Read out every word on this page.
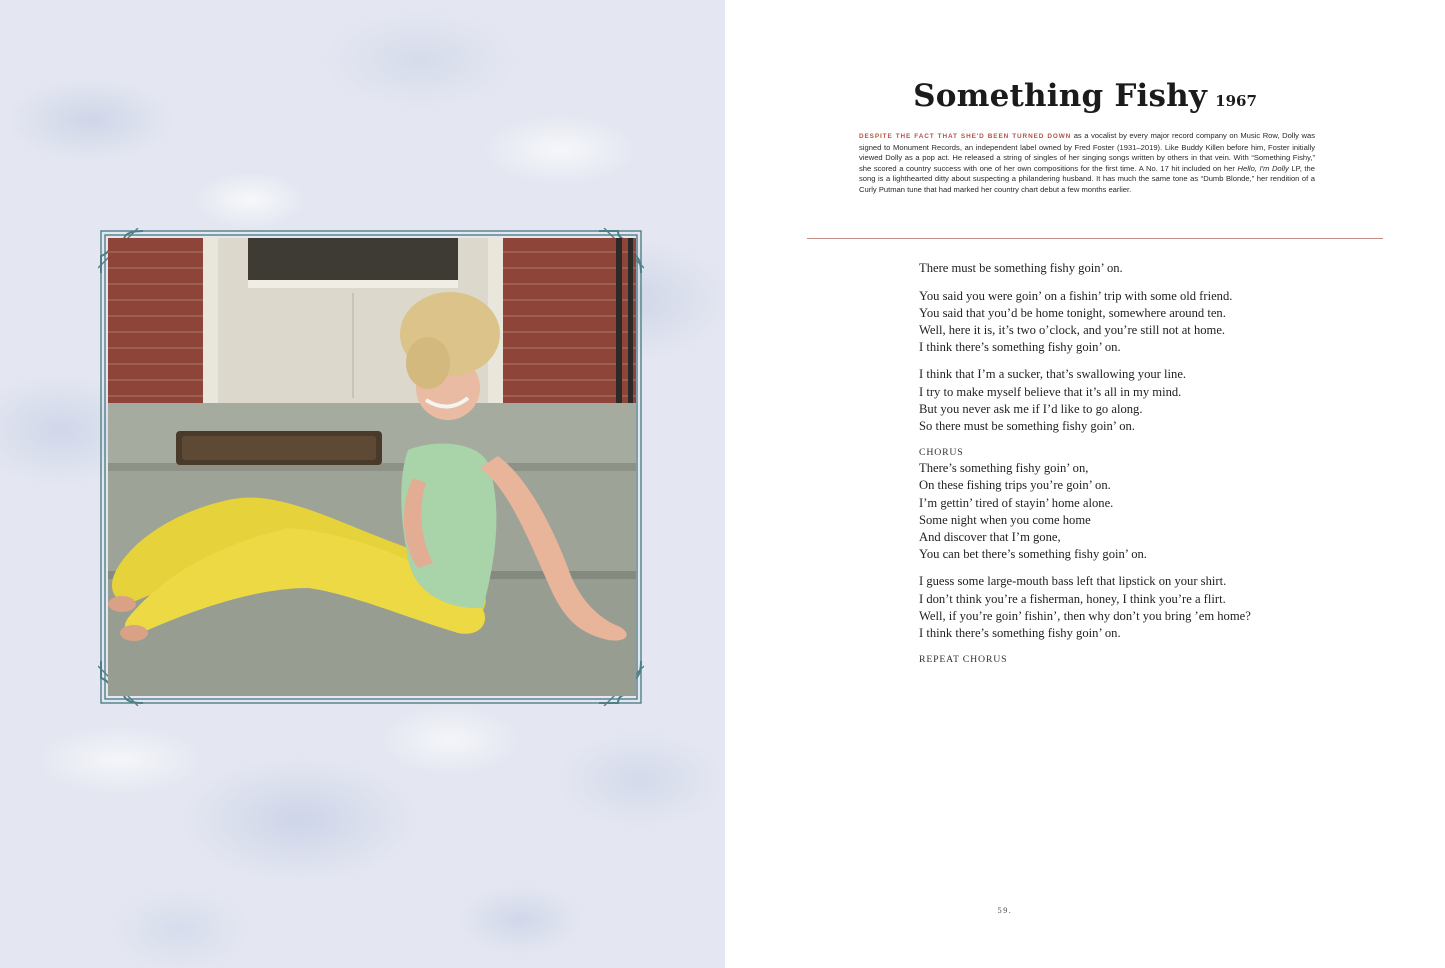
Something Fishy 1967
DESPITE THE FACT THAT SHE'D BEEN TURNED DOWN as a vocalist by every major record company on Music Row, Dolly was signed to Monument Records, an independent label owned by Fred Foster (1931–2019). Like Buddy Killen before him, Foster initially viewed Dolly as a pop act. He released a string of singles of her singing songs written by others in that vein. With “Something Fishy,” she scored a country success with one of her own compositions for the first time. A No. 17 hit included on her Hello, I'm Dolly LP, the song is a lighthearted ditty about suspecting a philandering husband. It has much the same tone as “Dumb Blonde,” her rendition of a Curly Putman tune that had marked her country chart debut a few months earlier.
There must be something fishy goin’ on.
You said you were goin’ on a fishin’ trip with some old friend.
You said that you’d be home tonight, somewhere around ten.
Well, here it is, it’s two o’clock, and you’re still not at home.
I think there’s something fishy goin’ on.
I think that I’m a sucker, that’s swallowing your line.
I try to make myself believe that it’s all in my mind.
But you never ask me if I’d like to go along.
So there must be something fishy goin’ on.
CHORUS
There’s something fishy goin’ on,
On these fishing trips you’re goin’ on.
I’m gettin’ tired of stayin’ home alone.
Some night when you come home
And discover that I’m gone,
You can bet there’s something fishy goin’ on.
I guess some large-mouth bass left that lipstick on your shirt.
I don’t think you’re a fisherman, honey, I think you’re a flirt.
Well, if you’re goin’ fishin’, then why don’t you bring ’em home?
I think there’s something fishy goin’ on.
REPEAT CHORUS
59.
